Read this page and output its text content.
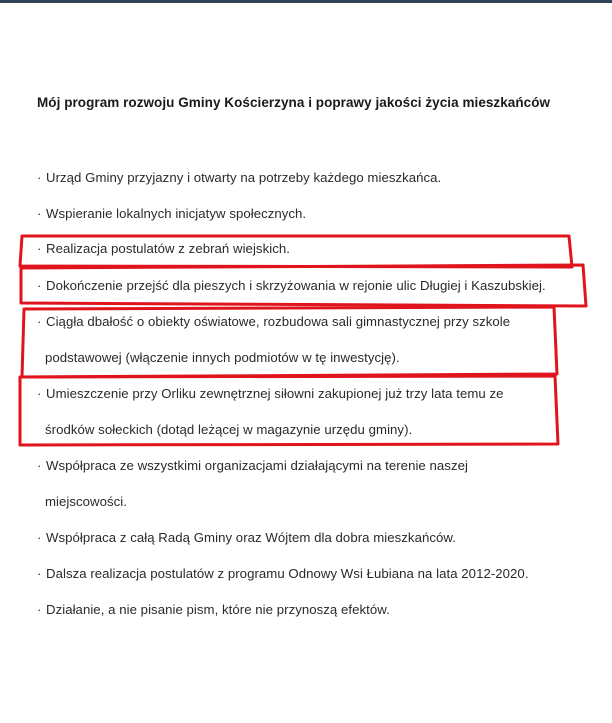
Mój program rozwoju Gminy Kościerzyna i poprawy jakości życia mieszkańców
· Urząd Gminy przyjazny i otwarty na potrzeby każdego mieszkańca.
· Wspieranie lokalnych inicjatyw społecznych.
· Realizacja postulatów z zebrań wiejskich.
· Dokończenie przejść dla pieszych i skrzyżowania w rejonie ulic Długiej i Kaszubskiej.
· Ciągła dbałość o obiekty oświatowe, rozbudowa sali gimnastycznej przy szkole
podstawowej (włączenie innych podmiotów w tę inwestycję).
· Umieszczenie przy Orliku zewnętrznej siłowni zakupionej już trzy lata temu ze
środków sołeckich (dotąd leżącej w magazynie urzędu gminy).
· Współpraca ze wszystkimi organizacjami działającymi na terenie naszej
miejscowości.
· Współpraca z całą Radą Gminy oraz Wójtem dla dobra mieszkańców.
· Dalsza realizacja postulatów z programu Odnowy Wsi Łubiana na lata 2012-2020.
· Działanie, a nie pisanie pism, które nie przynoszą efektów.
